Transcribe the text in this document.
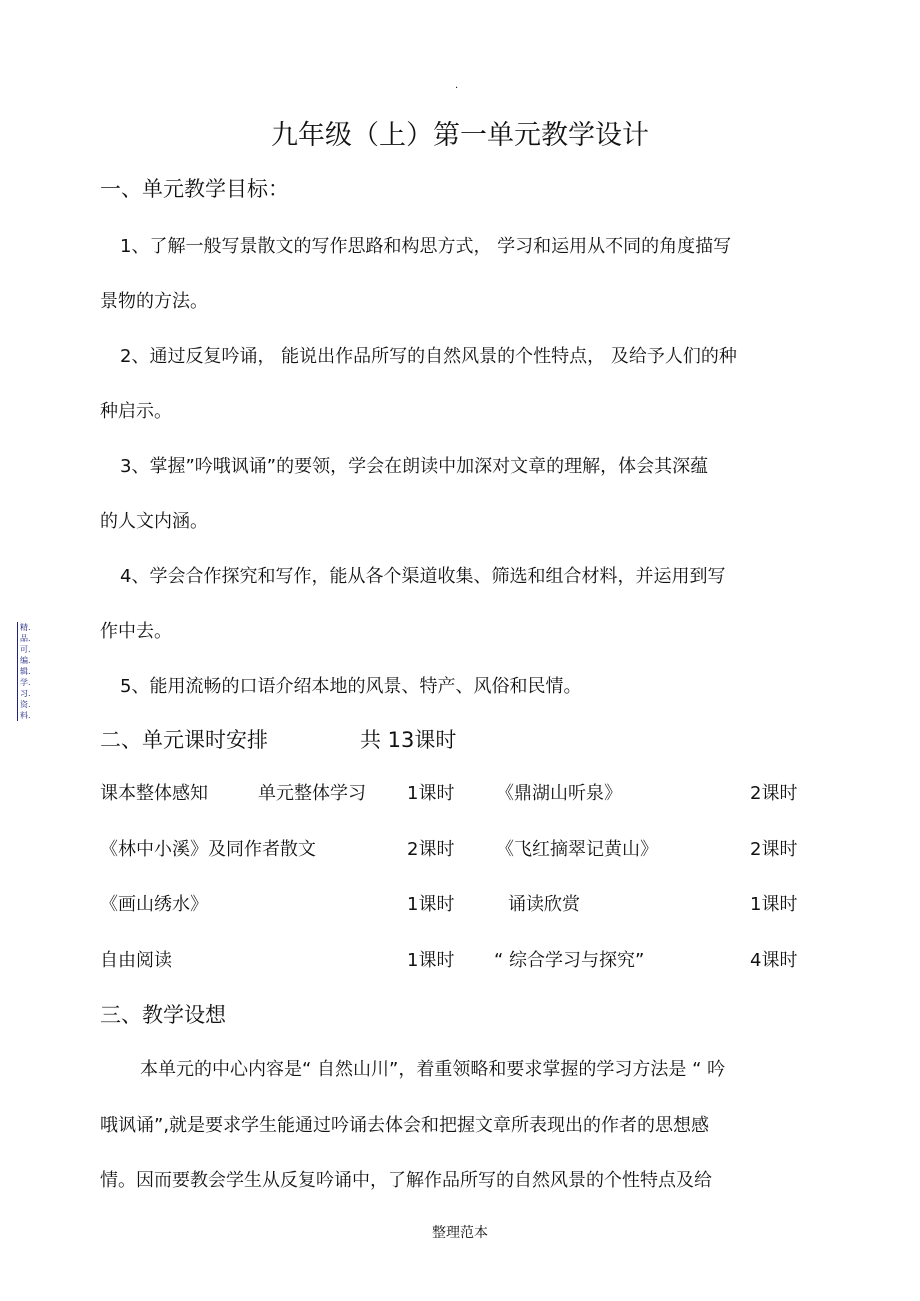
.
九年级（上）第一单元教学设计
一、单元教学目标：
1、了解一般写景散文的写作思路和构思方式， 学习和运用从不同的角度描写
景物的方法。
2、通过反复吟诵， 能说出作品所写的自然风景的个性特点， 及给予人们的种
种启示。
3、掌握”吟哦讽诵”的要领，学会在朗读中加深对文章的理解，体会其深蕴
的人文内涵。
4、学会合作探究和写作，能从各个渠道收集、筛选和组合材料，并运用到写
作中去。
5、能用流畅的口语介绍本地的风景、特产、风俗和民情。
精.
品.
可.
编.
辑.
学.
习.
资.
料.
二、单元课时安排	共 13课时
课本整体感知	单元整体学习 1课时 《鼎湖山听泉》	2课时
《林中小溪》及同作者散文	2课时 《飞红摘翠记黄山》	2课时
《画山绣水》	1课时	诵读欣赏	1课时
自由阅读	1课时 “ 综合学习与探究”	4课时
三、教学设想
本单元的中心内容是“ 自然山川”，着重领略和要求掌握的学习方法是 “ 吟
哦讽诵”,就是要求学生能通过吟诵去体会和把握文章所表现出的作者的思想感
情。因而要教会学生从反复吟诵中，了解作品所写的自然风景的个性特点及给
整理范本
